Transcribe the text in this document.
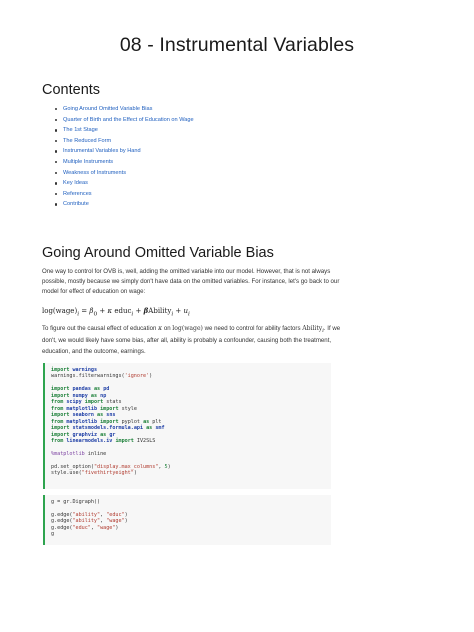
08 - Instrumental Variables
Contents
Going Around Omitted Variable Bias
Quarter of Birth and the Effect of Education on Wage
The 1st Stage
The Reduced Form
Instrumental Variables by Hand
Multiple Instruments
Weakness of Instruments
Key Ideas
References
Contribute
Going Around Omitted Variable Bias

One way to control for OVB is, well, adding the omitted variable into our model. However, that is not always possible, mostly because we simply don't have data on the omitted variables. For instance, let's go back to our model for effect of education on wage:

$\log(wage)_i = \beta_0 + \kappa$ educ$_i$ + βAbility$_i$ + $u_i$

To figure out the causal effect of education κ on log(wage) we need to control for ability factors Ability$_i$. If we don't, we would likely have some bias, after all, ability is probably a confounder, causing both the treatment, education, and the outcome, earnings.

import warnings
warnings.filterwarnings('ignore')
import pandas as pd
import numpy as np
from scipy import stats
from matplotlib import style
import seaborn as sns
from matplotlib import pyplot as plt
import statsmodels.formula.api as smf
import graphviz as gr
from linearmodels.iv import IV2SLS
%matplotlib inline
pd.set_option("display.max_columns", 5)
style.use("fivethirtyeight")
g = gr.Digraph()
g.edge("ability", "educ")
g.edge("ability", "wage")
g.edge("educ", "wage")
g
